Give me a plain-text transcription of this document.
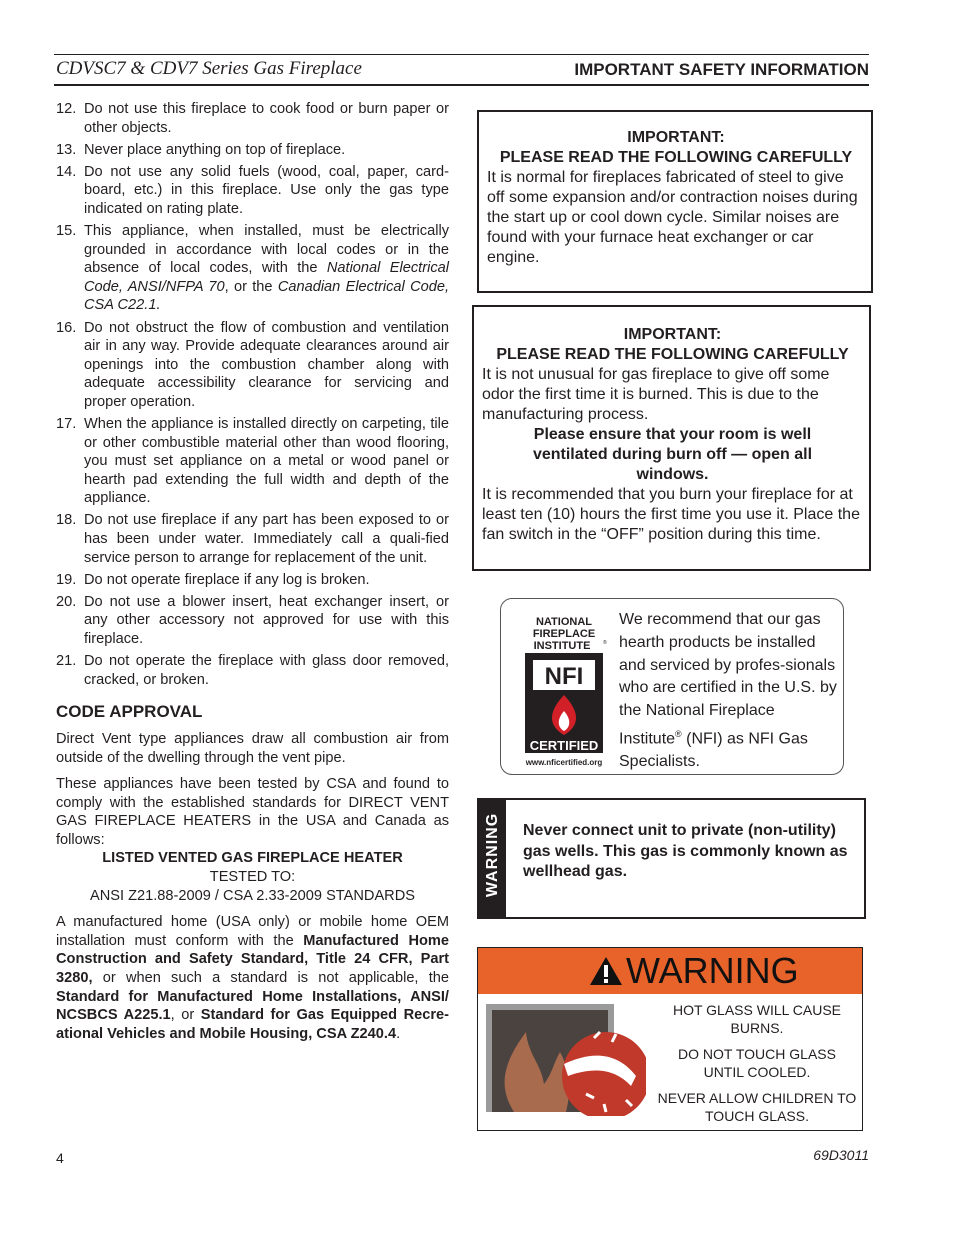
CDVSC7 & CDV7 Series Gas Fireplace	IMPORTANT SAFETY INFORMATION
12. Do not use this fireplace to cook food or burn paper or other objects.
13. Never place anything on top of fireplace.
14. Do not use any solid fuels (wood, coal, paper, card-board, etc.) in this fireplace. Use only the gas type indicated on rating plate.
15. This appliance, when installed, must be electrically grounded in accordance with local codes or in the absence of local codes, with the National Electrical Code, ANSI/NFPA 70, or the Canadian Electrical Code, CSA C22.1.
16. Do not obstruct the flow of combustion and ventilation air in any way. Provide adequate clearances around air openings into the combustion chamber along with adequate accessibility clearance for servicing and proper operation.
17. When the appliance is installed directly on carpeting, tile or other combustible material other than wood flooring, you must set appliance on a metal or wood panel or hearth pad extending the full width and depth of the appliance.
18. Do not use fireplace if any part has been exposed to or has been under water. Immediately call a quali-fied service person to arrange for replacement of the unit.
19. Do not operate fireplace if any log is broken.
20. Do not use a blower insert, heat exchanger insert, or any other accessory not approved for use with this fireplace.
21. Do not operate the fireplace with glass door removed, cracked, or broken.
CODE APPROVAL

Direct Vent type appliances draw all combustion air from outside of the dwelling through the vent pipe.

These appliances have been tested by CSA and found to comply with the established standards for DIRECT VENT GAS FIREPLACE HEATERS in the USA and Canada as follows:

LISTED VENTED GAS FIREPLACE HEATER
TESTED TO:
ANSI Z21.88-2009 / CSA 2.33-2009 STANDARDS

A manufactured home (USA only) or mobile home OEM installation must conform with the Manufactured Home Construction and Safety Standard, Title 24 CFR, Part 3280, or when such a standard is not applicable, the Standard for Manufactured Home Installations, ANSI/ NCSBCS A225.1, or Standard for Gas Equipped Recre-ational Vehicles and Mobile Housing, CSA Z240.4.

IMPORTANT:
PLEASE READ THE FOLLOWING CAREFULLY
It is normal for fireplaces fabricated of steel to give off some expansion and/or contraction noises during the start up or cool down cycle. Similar noises are found with your furnace heat exchanger or car engine.
IMPORTANT:
PLEASE READ THE FOLLOWING CAREFULLY
It is not unusual for gas fireplace to give off some odor the first time it is burned. This is due to the manufacturing process.
Please ensure that your room is well ventilated during burn off — open all windows.
It is recommended that you burn your fireplace for at least ten (10) hours the first time you use it. Place the fan switch in the “OFF” position during this time.
NATIONAL
FIREPLACE
INSTITUTE	®
NFI
CERTIFIED
www.nficertified.org
We recommend that our gas hearth products be installed and serviced by profes-sionals who are certified in the U.S. by the National Fireplace Institute® (NFI) as NFI Gas Specialists.
WARNING Never connect unit to private (non-utility) gas wells. This gas is commonly known as wellhead gas.
WARNING
HOT GLASS WILL CAUSE BURNS.
DO NOT TOUCH GLASS UNTIL COOLED.
NEVER ALLOW CHILDREN TO TOUCH GLASS.
4	69D3011
